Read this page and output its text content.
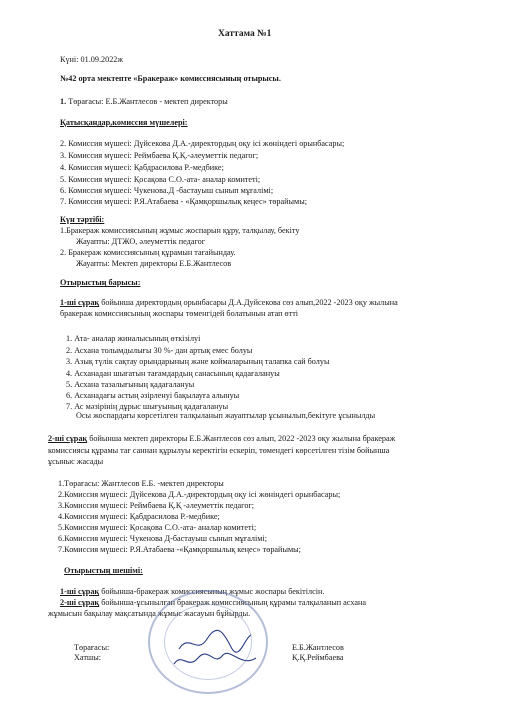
Хаттама №1
Күні: 01.09.2022ж
№42 орта мектепте «Бракераж» комиссиясының отырысы.
1. Төрағасы: Е.Б.Жантлесов - мектеп директоры
Қатысқандар,комиссия мүшелері:
2. Комиссия мүшесі: Дүйсекова Д.А.-директордың оқу ісі жөніндегі орынбасары;
3. Комиссия мүшесі: Реймбаева Қ.Қ.-әлеуметтік педагог;
4. Комиссия мүшесі: Қабдрасилова Р.-медбике;
5. Комиссия мүшесі: Қосақова С.О.-ата- аналар комитеті;
6. Комиссия мүшесі: Чукенова.Д -бастауыш сынып мұғалімі;
7. Комиссия мүшесі: Р.Я.Атабаева - «Қамқоршылық кеңес» төрайымы;
Күн тәртібі:
1.Бракераж комиссиясының жұмыс жоспарын құру, талқылау, бекіту
Жауапты: ДТЖО, әлеуметтік педагог
2. Бракераж комиссиясының құрамын тағайындау.
Жауапты: Мектеп директоры Е.Б.Жантлесов
Отырыстың барысы:
1-ші сұрақ бойынша директордың орынбасары Д.А.Дуйсекова сөз алып,2022 -2023 оқу жылына
бракераж комиссиясының жоспары төменгідей болатынын атап өтті
1. Ата- аналар жиналысының өткізілуі
2. Асхана толымдылығы 30 %- дан артық емес болуы
3. Азық түлік сақтау орындарының және коймаларының талапка сай болуы
4. Асханадан шығатын тағамдардың санасының қадағалануы
5. Асхана тазалығының қадағалануы
6. Асханадағы астың әзірленуі бақылауға алынуы
7. Ас мәзірінің дұрыс шығуының қадағалануы
Осы жоспардағы көрсетілген талқыланып жауаптылар ұсынылып,бекітуге ұсынылды
2-ші сұрақ бойынша мектеп директоры Е.Б.Жантлесов сөз алып, 2022 -2023 оқу жылына бракераж
комиссиясы құрамы тағ саннан құрылуы керектігін ескеріп, төмендегі көрсетілген тізім бойынша
ұсыныс жасады
1.Төрағасы: Жантлесов Е.Б. -мектеп директоры
2.Комиссия мүшесі: Дүйсекова Д.А.-директордың оқу ісі жөніндегі орынбасары;
3.Комиссия мүшесі: Реймбаева Қ.Қ -әлеуметтік педагог;
4.Комиссия мүшесі: Қабдрасилова Р.-медбике;
5.Комиссия мүшесі: Қосақова С.О.-ата- аналар комитеті;
6.Комиссия мүшесі: Чукенова Д-бастауыш сынып мұғалімі;
7.Комиссия мүшесі: Р.Я.Атабаева -«Қамқоршылық кеңес» төрайымы;
Отырыстың шешімі:
1-ші сұрақ бойынша-бракераж комиссиясының жұмыс жоспары бекітілсін.
2-ші сұрақ бойынша-ұсынылған бракераж комиссиясының құрамы талқыланып асхана
жұмысын бақылау мақсатында жұмыс жасауын бұйырды.
Төрағасы:	Е.Б.Жантлесов
Хатшы:	Қ.Қ.Реймбаева
